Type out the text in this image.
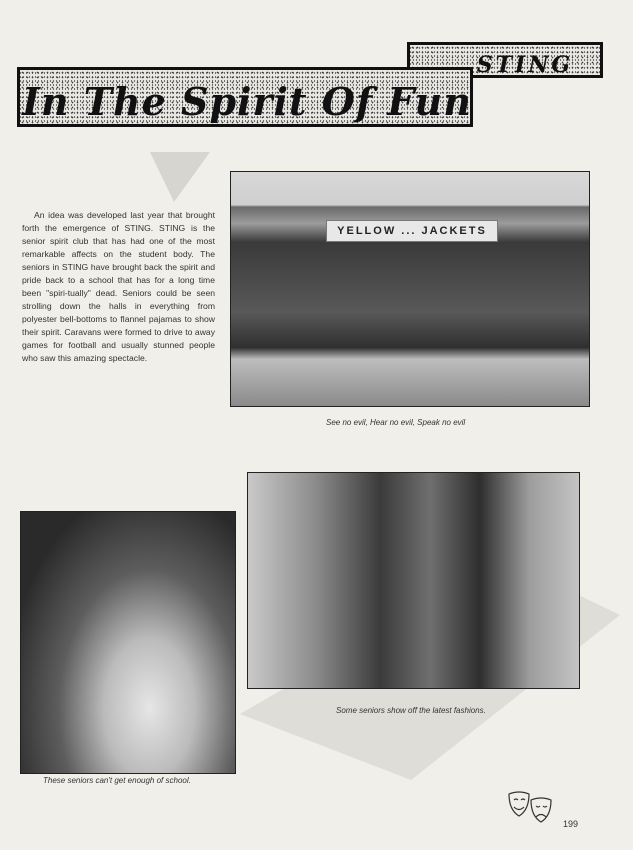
STING
In The Spirit Of Fun

An idea was developed last year that brought forth the emergence of STING. STING is the senior spirit club that has had one of the most remarkable affects on the student body. The seniors in STING have brought back the spirit and pride back to a school that has for a long time been "spiri-tually" dead. Seniors could be seen strolling down the halls in everything from polyester bell-bottoms to flannel pajamas to show their spirit. Caravans were formed to drive to away games for football and usually stunned people who saw this amazing spectacle.

YELLOW ... JACKETS
See no evil, Hear no evil, Speak no evil
These seniors can't get enough of school.
Some seniors show off the latest fashions.
199
